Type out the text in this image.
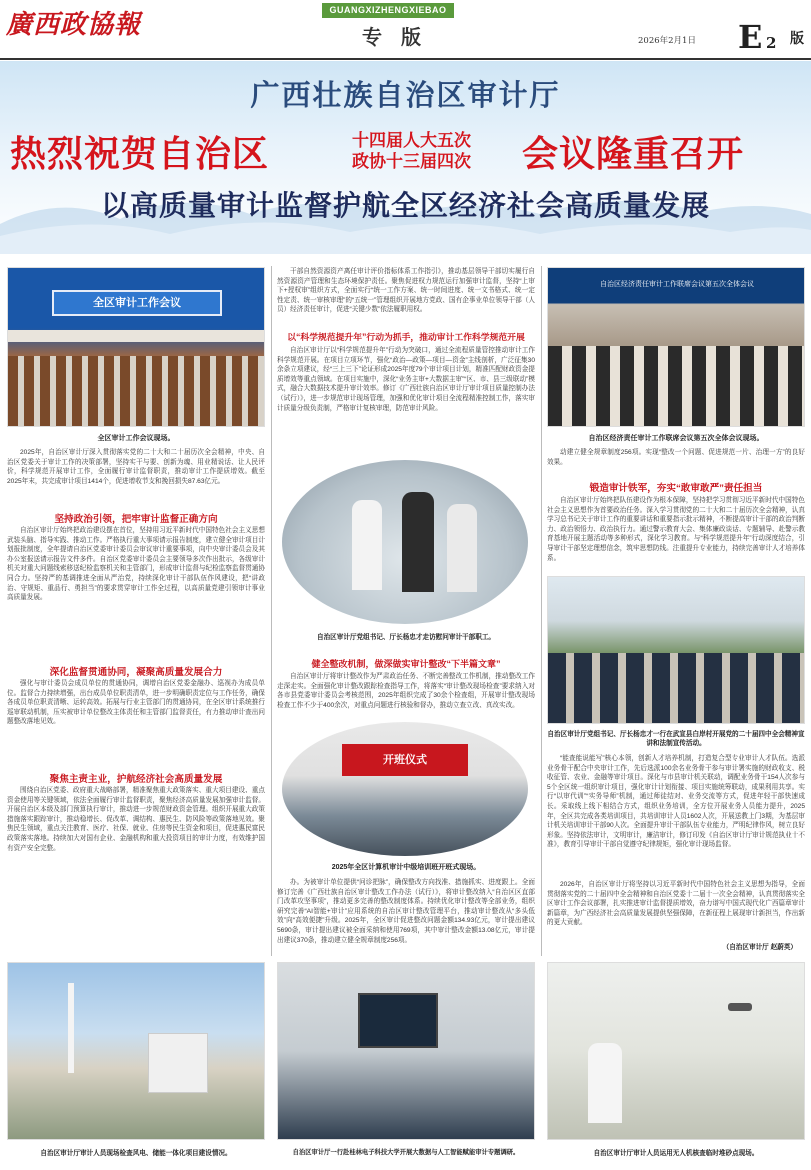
廣西政協報	GUANGXIZHENGXIEBAO
专 版	2026年2月1日 E 2 版
广西壮族自治区审计厅
热烈祝贺自治区	十四届人大五次
政协十三届四次 会议隆重召开
以高质量审计监督护航全区经济社会高质量发展
全区审计工作会议
全区审计工作会议现场。

2025年，自治区审计厅深入贯彻落实党的二十大和二十届历次全会精神，中央、自治区党委关于审计工作的决策部署，坚持实干与要、创新为魂、用业精说话、让人民评价，科学规范开展审计工作，全面履行审计监督职责，推动审计工作提质增效。截至2025年末，共完成审计项目1414个，促进增收节支和挽回损失87.63亿元。

坚持政治引领，把牢审计监督正确方向

自治区审计厅始终把政治建设摆在首位，坚持用习近平新时代中国特色社会主义思想武装头脑、指导实践、推动工作。严格执行重大事项请示报告制度，建立健全审计项目计划报批制度，全年提请自治区党委审计委员会审议审计重要事项，向中央审计委员会及其办公室报送请示报告文件多件。自治区党委审计委员会主要领导多次作出批示，各级审计机关对重大问题线索移送纪检监察机关和主管部门，形成审计监督与纪检监察监督贯通协同合力。坚持严的基调推进全面从严治党，持续深化审计干部队伍作风建设，把“讲政治、守规矩、重品行、勇担当”的要求贯穿审计工作全过程，以高质量党建引领审计事业高质量发展。

深化监督贯通协同，凝聚高质量发展合力

强化与审计委员会成员单位的贯通协同，调增自治区党委金融办、巡视办为成员单位。监督合力持续增强，出台成员单位职责清单，进一步明确职责定位与工作任务，确保各成员单位职责清晰、运转高效。拓展与行业主管部门的贯通协同，在全区审计系统推行巡审联动机制，压实被审计单位整改主体责任和主管部门监督责任，有力推动审计查出问题整改落地见效。

聚焦主责主业，护航经济社会高质量发展

围绕自治区党委、政府重大战略部署，精准聚焦重大政策落实、重大项目建设、重点资金使用等关键领域，依法全面履行审计监督职责，聚焦经济高质量发展加强审计监督。开展自治区本级及部门预算执行审计，推动进一步规范财政资金管理。组织开展重大政策措施落实跟踪审计，推动稳增长、促改革、调结构、惠民生、防风险等政策落地见效。聚焦民生领域，重点关注教育、医疗、社保、就业、住房等民生资金和项目，促进惠民富民政策落实落地。持续加大对国有企业、金融机构和重大投资项目的审计力度，有效维护国有资产安全完整。

干部自然资源资产离任审计评价指标体系工作指引》，推动基层领导干部切实履行自然资源资产管理和生态环境保护责任。聚焦促进权力规范运行加强审计监督，坚持“上审下+授权审”组织方式，全面实行“统一工作方案、统一时间进度、统一文书格式、统一定性定责、统一审核审理”的“五统一”管理组织开展地方党政、国有企事业单位领导干部（人员）经济责任审计，促进“关键少数”依法履职用权。

以“科学规范提升年”行动为抓手，推动审计工作科学规范开展

自治区审计厅以“科学规范提升年”行动为突破口，通过全流程质量管控推动审计工作科学规范开展。在项目立项环节，强化“政治—政策—项目—资金”主线剖析，广泛征集30余条立项建议，经“三上三下”论证形成2025年度79个审计项目计划，精准匹配财政资金提质增效等重点领域。在项目实施中，深化“业务主审+大数据主审”“区、市、县三级联动”模式，融合大数据技术提升审计效率。修订《广西壮族自治区审计厅审计项目质量控制办法（试行）》，进一步规范审计现场管理，加强和优化审计项目全流程精准控制工作，落实审计质量分级负责制，严格审计复核审理，防范审计风险。

自治区审计厅党组书记、厅长杨忠才走访慰问审计干部职工。
健全整改机制，做深做实审计整改“下半篇文章”

自治区审计厅将审计整改作为严肃政治任务、不断完善整改工作机制，推动整改工作走深走实。全面强化审计整改跟踪检查指导工作，将落实“审计整改现场检查”要求纳入对各市县党委审计委员会考核范围，2025年组织完成了30余个检查组，开展审计整改现场检查工作不少于400余次，对重点问题进行核验和督办，推动立查立改、真改实改。

开班仪式
2025年全区计算机审计中级培训班开班式现场。

办。为被审计单位提供“问诊把脉”，确保整改方向找准、措施抓实、进度跟上。全面修订完善《广西壮族自治区审计整改工作办法（试行）》，将审计整改纳入“自治区区直部门改革攻坚事项”，推动更多完善的整改制度体系。持续优化审计整改等全部业务，组织研究完善“AI智能+审计”应用系统的自治区审计整改管理平台，推动审计整改从“多头低效”向“高效便捷”升级。2025年，全区审计促进整改问题金额134.93亿元，审计提出建议5690条，审计提出建议被全面采纳和使用769项，其中审计整改金额13.08亿元，审计提出建议370条，推动建立健全规章制度256项。

自治区经济责任审计工作联席会议第五次全体会议
自治区经济责任审计工作联席会议第五次全体会议现场。

动建立健全规章制度256项。实现“整改一个问题、促进规范一片、治理一方”的良好效果。

锻造审计铁军，夯实“敢审敢严”责任担当

自治区审计厅始终把队伍建设作为根本保障，坚持把学习贯彻习近平新时代中国特色社会主义思想作为首要政治任务。深入学习贯彻党的二十大和二十届历次全会精神，认真学习总书记关于审计工作的重要讲话和重要指示批示精神，不断提高审计干部的政治判断力、政治领悟力、政治执行力。通过警示教育大会、集体廉政谈话、专题辅导、赴警示教育基地开展主题活动等多种形式，深化学习教育。与“科学规范提升年”行动深度结合，引导审计干部坚定理想信念，筑牢思想防线。注重提升专业能力，持续完善审计人才培养体系。

自治区审计厅党组书记、厅长杨忠才一行在武宣县白岸村开展党的二十届四中全会精神宣讲和法制宣传活动。

“能查能说能写”核心本领，创新人才培养机制，打造复合型专业审计人才队伍。选派业务骨干配合中央审计工作，先后选派100余名业务骨干参与审计署实施的财政收支、税收征管、农业、金融等审计项目。深化与市县审计机关联动，调配业务骨干154人次参与5个全区统一组织审计项目，强化审计计划衔接、项目实施统筹联动，成果利用共享。实行“以审代训”“实务导师”机制，通过师徒结对、业务交流等方式，促进年轻干部快速成长。采取线上线下相结合方式，组织业务培训，全方位开展业务人员能力提升，2025年，全区共完成各类培训项目，共培训审计人员1602人次，开展送教上门3期，为基层审计机关培训审计干部90人次。全面提升审计干部队伍专业能力，严明纪律作风，树立良好形象。坚持依法审计，文明审计，廉洁审计，修订印发《自治区审计厅审计规范执业十不准》，教育引导审计干部自觉遵守纪律规矩，强化审计现场监督。

2026年，自治区审计厅将坚持以习近平新时代中国特色社会主义思想为指导，全面贯彻落实党的二十届四中全会精神和自治区党委十二届十一次全会精神，认真贯彻落实全区审计工作会议部署，扎实推进审计监督提质增效，奋力谱写中国式现代化广西篇章审计新篇章，为广西经济社会高质量发展提供坚强保障，在新征程上展现审计新担当，作出新的更大贡献。

（自治区审计厅 赵蔚英）
自治区审计厅审计人员现场检查风电、储能一体化项目建设情况。	自治区审计厅一行赴桂林电子科技大学开展大数据与人工智能赋能审计专题调研。	自治区审计厅审计人员运用无人机核查临时堆砂点现场。
